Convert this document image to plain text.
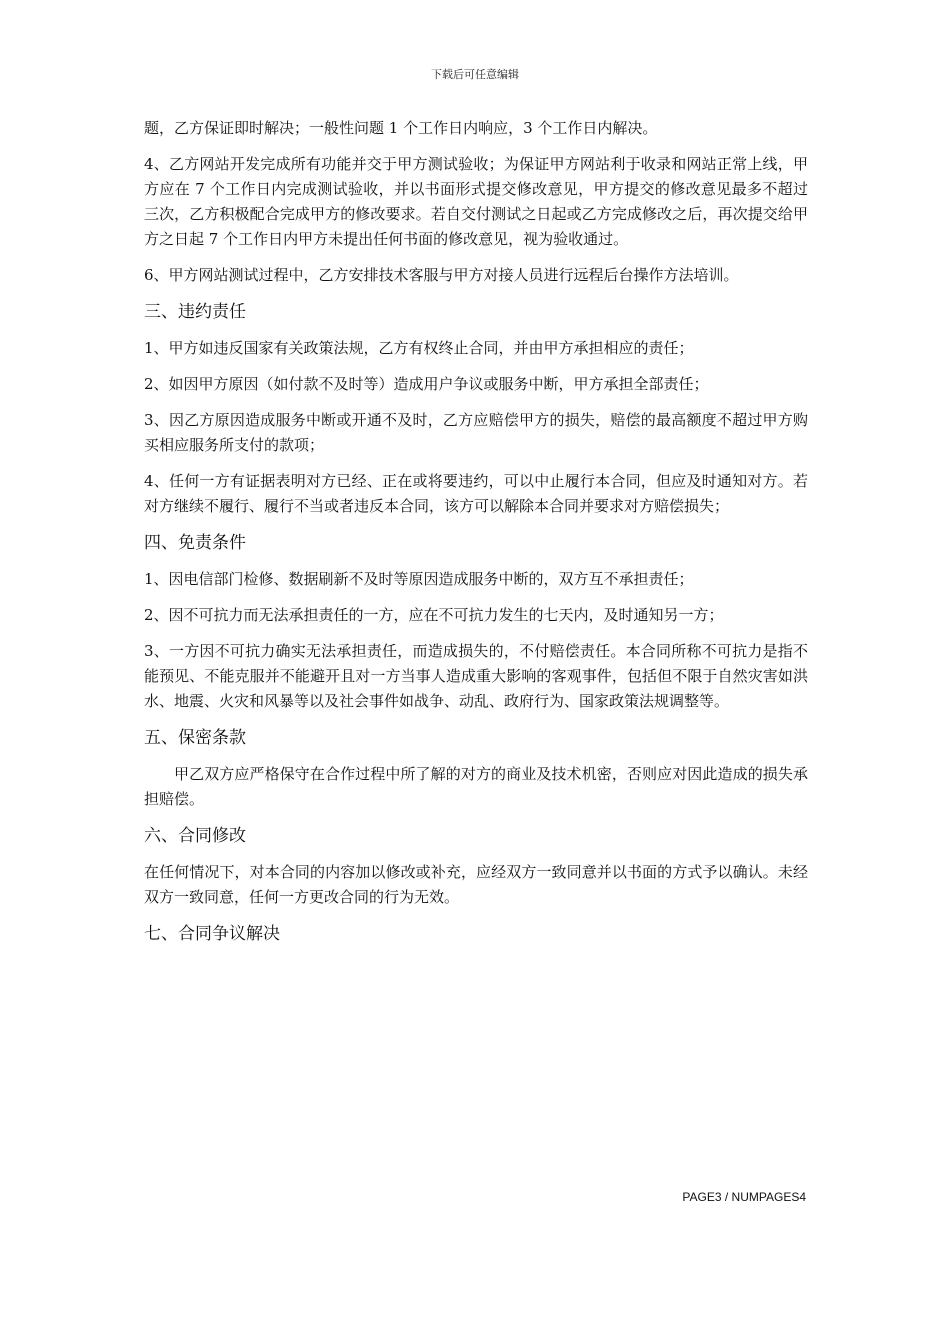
下载后可任意编辑

题，乙方保证即时解决；一般性问题 1 个工作日内响应，3 个工作日内解决。

4、乙方网站开发完成所有功能并交于甲方测试验收；为保证甲方网站利于收录和网站正常上线，甲方应在 7 个工作日内完成测试验收，并以书面形式提交修改意见，甲方提交的修改意见最多不超过三次，乙方积极配合完成甲方的修改要求。若自交付测试之日起或乙方完成修改之后，再次提交给甲方之日起 7 个工作日内甲方未提出任何书面的修改意见，视为验收通过。

6、甲方网站测试过程中，乙方安排技术客服与甲方对接人员进行远程后台操作方法培训。

三、违约责任

1、甲方如违反国家有关政策法规，乙方有权终止合同，并由甲方承担相应的责任；

2、如因甲方原因（如付款不及时等）造成用户争议或服务中断，甲方承担全部责任；

3、因乙方原因造成服务中断或开通不及时，乙方应赔偿甲方的损失，赔偿的最高额度不超过甲方购买相应服务所支付的款项；

4、任何一方有证据表明对方已经、正在或将要违约，可以中止履行本合同，但应及时通知对方。若对方继续不履行、履行不当或者违反本合同，该方可以解除本合同并要求对方赔偿损失；

四、免责条件

1、因电信部门检修、数据刷新不及时等原因造成服务中断的，双方互不承担责任；

2、因不可抗力而无法承担责任的一方，应在不可抗力发生的七天内，及时通知另一方；

3、一方因不可抗力确实无法承担责任，而造成损失的，不付赔偿责任。本合同所称不可抗力是指不能预见、不能克服并不能避开且对一方当事人造成重大影响的客观事件，包括但不限于自然灾害如洪水、地震、火灾和风暴等以及社会事件如战争、动乱、政府行为、国家政策法规调整等。

五、保密条款

甲乙双方应严格保守在合作过程中所了解的对方的商业及技术机密，否则应对因此造成的损失承担赔偿。

六、合同修改

在任何情况下，对本合同的内容加以修改或补充，应经双方一致同意并以书面的方式予以确认。未经双方一致同意，任何一方更改合同的行为无效。

七、合同争议解决
PAGE3 / NUMPAGES4
